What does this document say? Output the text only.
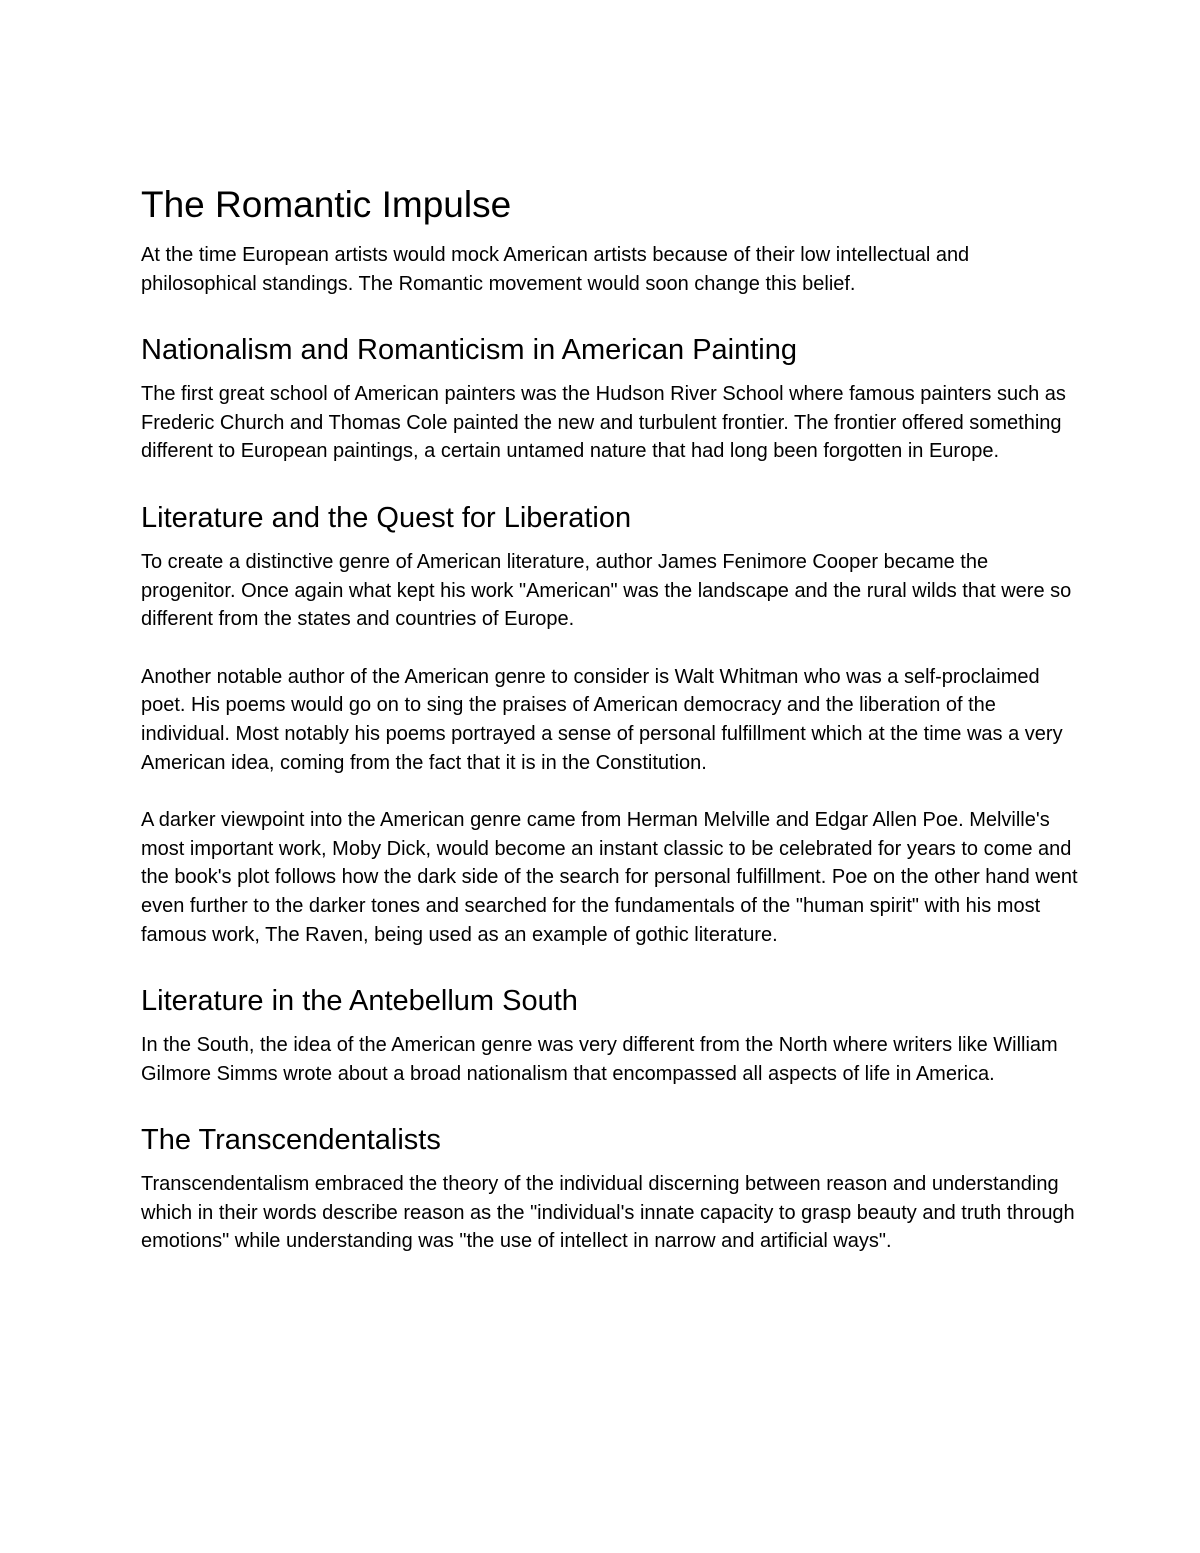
The Romantic Impulse

At the time European artists would mock American artists because of their low intellectual and philosophical standings. The Romantic movement would soon change this belief.

Nationalism and Romanticism in American Painting

The first great school of American painters was the Hudson River School where famous painters such as Frederic Church and Thomas Cole painted the new and turbulent frontier. The frontier offered something different to European paintings, a certain untamed nature that had long been forgotten in Europe.

Literature and the Quest for Liberation

To create a distinctive genre of American literature, author James Fenimore Cooper became the progenitor. Once again what kept his work "American" was the landscape and the rural wilds that were so different from the states and countries of Europe.

Another notable author of the American genre to consider is Walt Whitman who was a self-proclaimed poet. His poems would go on to sing the praises of American democracy and the liberation of the individual. Most notably his poems portrayed a sense of personal fulfillment which at the time was a very American idea, coming from the fact that it is in the Constitution.

A darker viewpoint into the American genre came from Herman Melville and Edgar Allen Poe. Melville's most important work, Moby Dick, would become an instant classic to be celebrated for years to come and the book's plot follows how the dark side of the search for personal fulfillment. Poe on the other hand went even further to the darker tones and searched for the fundamentals of the "human spirit" with his most famous work, The Raven, being used as an example of gothic literature.

Literature in the Antebellum South

In the South, the idea of the American genre was very different from the North where writers like William Gilmore Simms wrote about a broad nationalism that encompassed all aspects of life in America.

The Transcendentalists

Transcendentalism embraced the theory of the individual discerning between reason and understanding which in their words describe reason as the "individual's innate capacity to grasp beauty and truth through emotions" while understanding was "the use of intellect in narrow and artificial ways".
